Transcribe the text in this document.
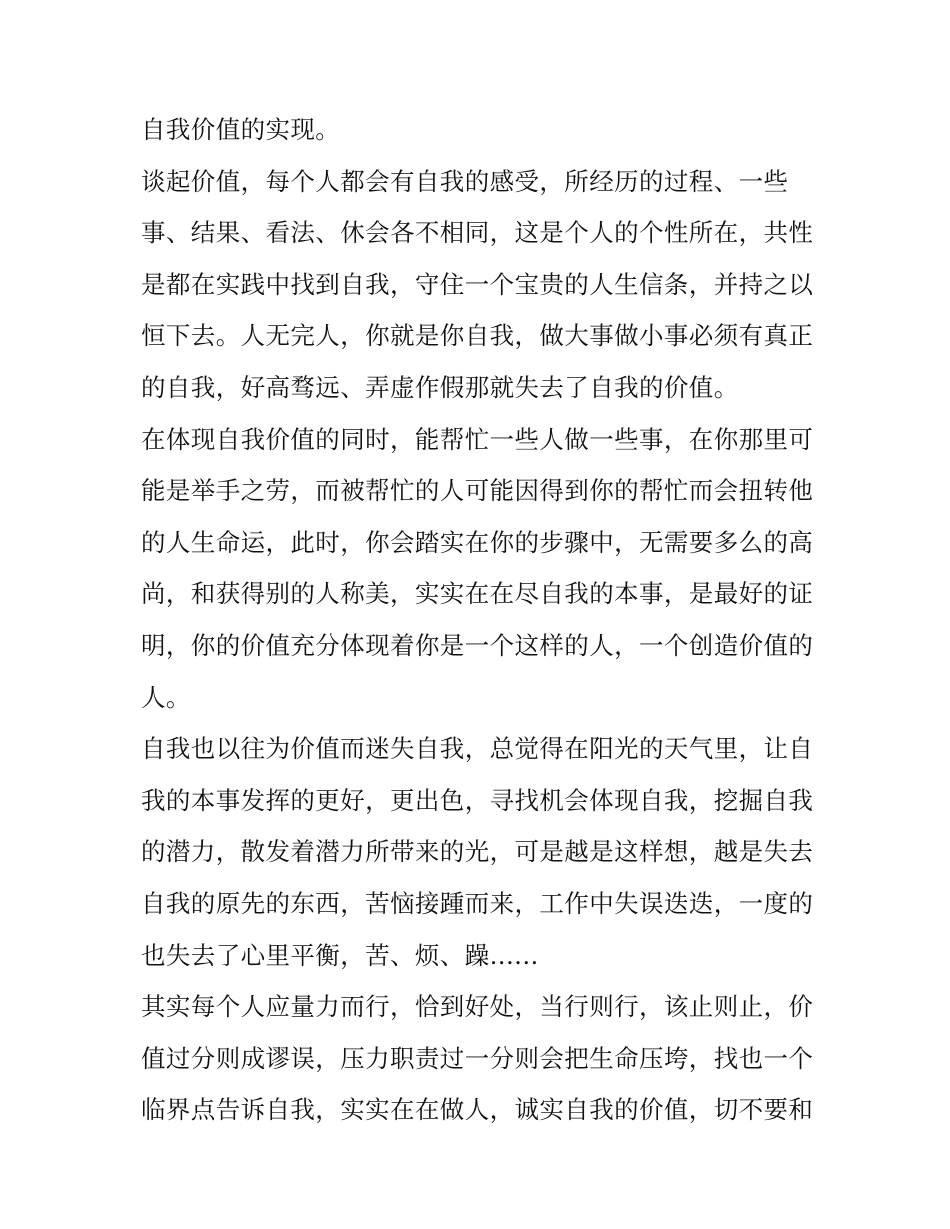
自我价值的实现。
谈起价值，每个人都会有自我的感受，所经历的过程、一些
事、结果、看法、休会各不相同，这是个人的个性所在，共性
是都在实践中找到自我，守住一个宝贵的人生信条，并持之以
恒下去。人无完人，你就是你自我，做大事做小事必须有真正
的自我，好高骛远、弄虚作假那就失去了自我的价值。
在体现自我价值的同时，能帮忙一些人做一些事，在你那里可
能是举手之劳，而被帮忙的人可能因得到你的帮忙而会扭转他
的人生命运，此时，你会踏实在你的步骤中，无需要多么的高
尚，和获得别的人称美，实实在在尽自我的本事，是最好的证
明，你的价值充分体现着你是一个这样的人，一个创造价值的
人。
自我也以往为价值而迷失自我，总觉得在阳光的天气里，让自
我的本事发挥的更好，更出色，寻找机会体现自我，挖掘自我
的潜力，散发着潜力所带来的光，可是越是这样想，越是失去
自我的原先的东西，苦恼接踵而来，工作中失误迭迭，一度的
也失去了心里平衡，苦、烦、躁......
其实每个人应量力而行，恰到好处，当行则行，该止则止，价
值过分则成谬误，压力职责过一分则会把生命压垮，找也一个
临界点告诉自我，实实在在做人，诚实自我的价值，切不要和
